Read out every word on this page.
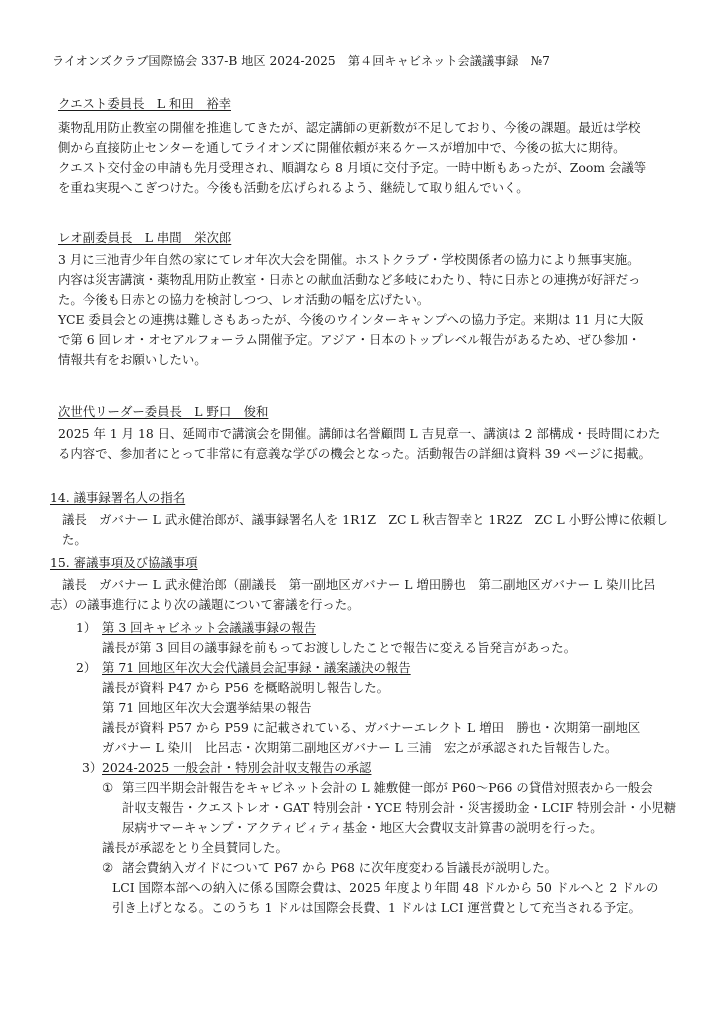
ライオンズクラブ国際協会 337-B 地区 2024-2025　第４回キャビネット会議議事録　№7
クエスト委員長　L 和田　裕幸
薬物乱用防止教室の開催を推進してきたが、認定講師の更新数が不足しており、今後の課題。最近は学校
側から直接防止センターを通してライオンズに開催依頼が来るケースが増加中で、今後の拡大に期待。
クエスト交付金の申請も先月受理され、順調なら 8 月頃に交付予定。一時中断もあったが、Zoom 会議等
を重ね実現へこぎつけた。今後も活動を広げられるよう、継続して取り組んでいく。
レオ副委員長　L 串間　栄次郎
3 月に三池青少年自然の家にてレオ年次大会を開催。ホストクラブ・学校関係者の協力により無事実施。
内容は災害講演・薬物乱用防止教室・日赤との献血活動など多岐にわたり、特に日赤との連携が好評だっ
た。今後も日赤との協力を検討しつつ、レオ活動の幅を広げたい。
YCE 委員会との連携は難しさもあったが、今後のウインターキャンプへの協力予定。来期は 11 月に大阪
で第 6 回レオ・オセアルフォーラム開催予定。アジア・日本のトップレベル報告があるため、ぜひ参加・
情報共有をお願いしたい。
次世代リーダー委員長　L 野口　俊和
2025 年 1 月 18 日、延岡市で講演会を開催。講師は名誉顧問 L 吉見章一、講演は 2 部構成・長時間にわた
る内容で、参加者にとって非常に有意義な学びの機会となった。活動報告の詳細は資料 39 ページに掲載。
14. 議事録署名人の指名
議長　ガバナー L 武永健治郎が、議事録署名人を 1R1Z　ZC L 秋吉智幸と 1R2Z　ZC L 小野公博に依頼した。
15. 審議事項及び協議事項
議長　ガバナー L 武永健治郎（副議長　第一副地区ガバナー L 増田勝也　第二副地区ガバナー L 染川比呂
志）の議事進行により次の議題について審議を行った。
1） 第 3 回キャビネット会議議事録の報告
議長が第 3 回目の議事録を前もってお渡ししたことで報告に変える旨発言があった。
2） 第 71 回地区年次大会代議員会記事録・議案議決の報告
議長が資料 P47 から P56 を概略説明し報告した。
第 71 回地区年次大会選挙結果の報告
議長が資料 P57 から P59 に記載されている、ガバナーエレクト L 増田　勝也・次期第一副地区
ガバナー L 染川　比呂志・次期第二副地区ガバナー L 三浦　宏之が承認された旨報告した。
3） 2024-2025 一般会計・特別会計収支報告の承認
① 第三四半期会計報告をキャビネット会計の L 雑敷健一郎が P60～P66 の貸借対照表から一般会
計収支報告・クエストレオ・GAT 特別会計・YCE 特別会計・災害援助金・LCIF 特別会計・小児糖
尿病サマーキャンプ・アクティビィティ基金・地区大会費収支計算書の説明を行った。
議長が承認をとり全員賛同した。
② 諸会費納入ガイドについて P67 から P68 に次年度変わる旨議長が説明した。
LCI 国際本部への納入に係る国際会費は、2025 年度より年間 48 ドルから 50 ドルへと 2 ドルの
引き上げとなる。このうち 1 ドルは国際会長費、1 ドルは LCI 運営費として充当される予定。
